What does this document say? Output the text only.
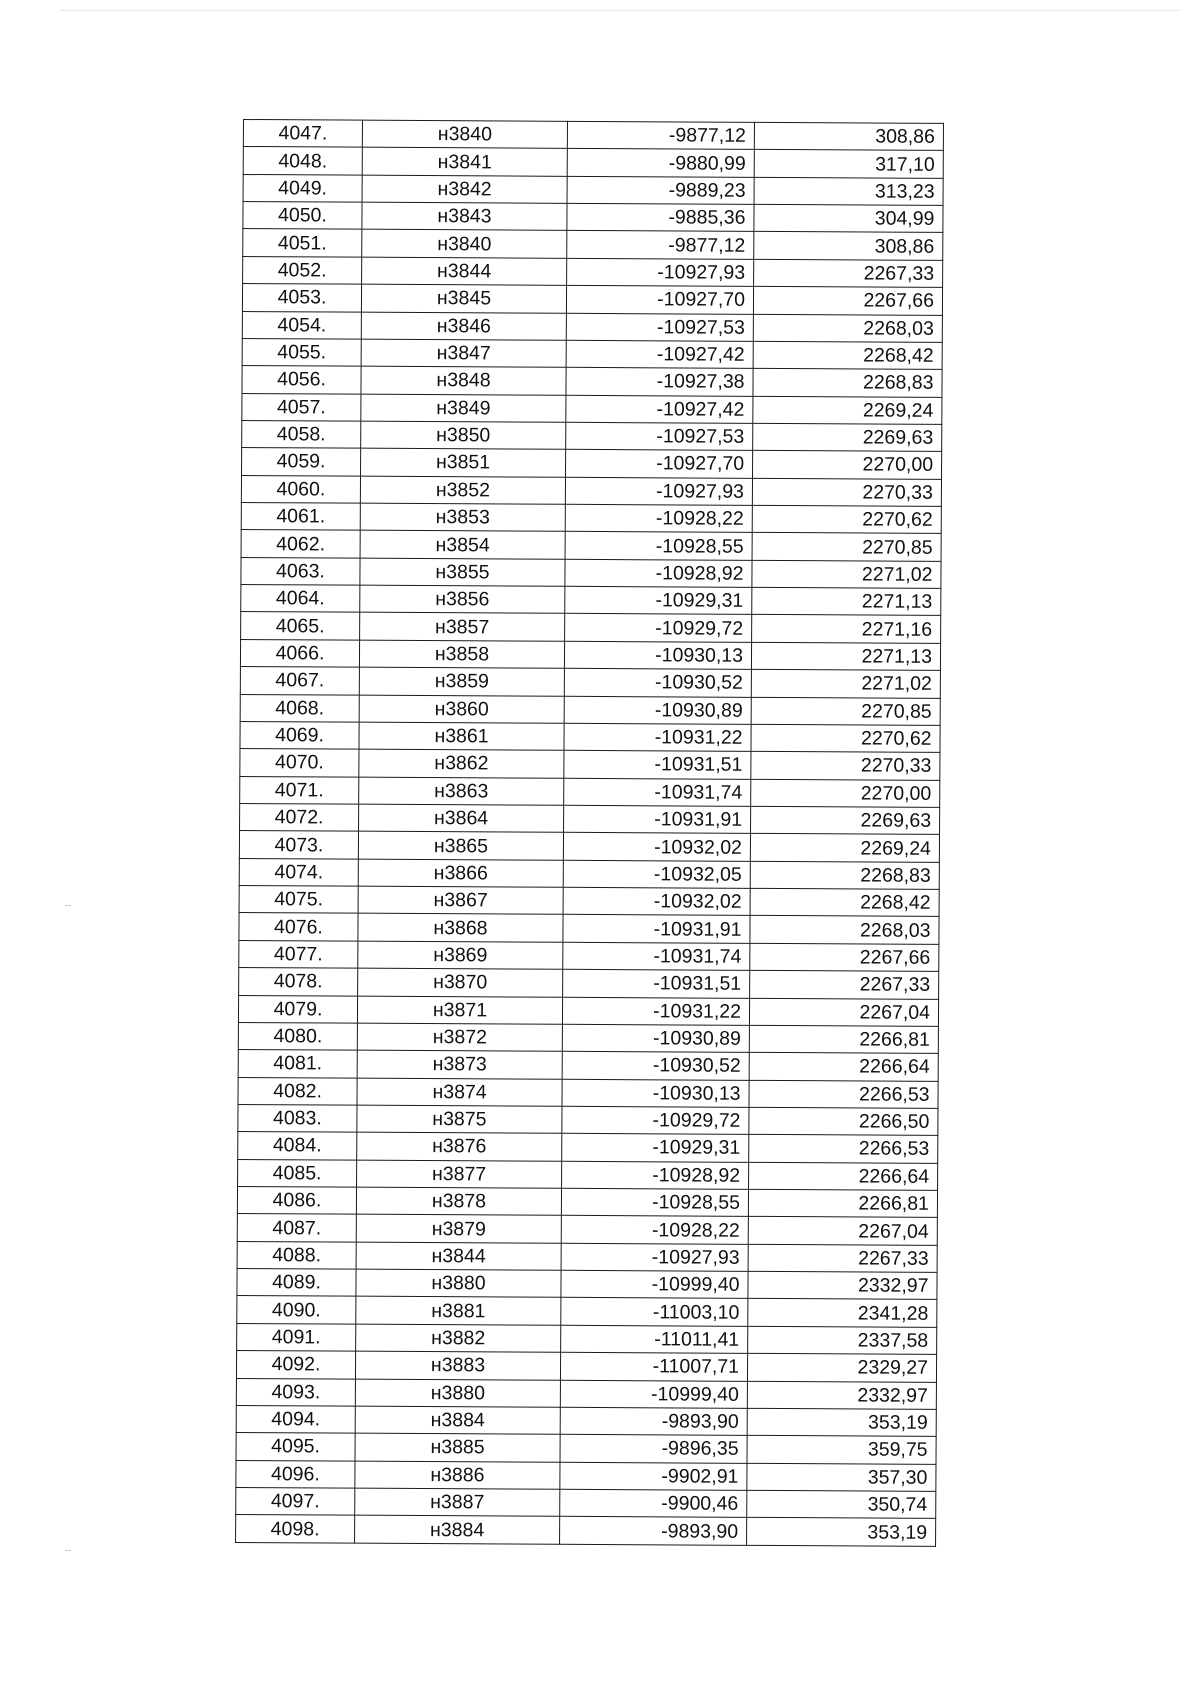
4047.	н3840	-9877,12	308,86
4048.	н3841	-9880,99	317,10
4049.	н3842	-9889,23	313,23
4050.	н3843	-9885,36	304,99
4051.	н3840	-9877,12	308,86
4052.	н3844	-10927,93	2267,33
4053.	н3845	-10927,70	2267,66
4054.	н3846	-10927,53	2268,03
4055.	н3847	-10927,42	2268,42
4056.	н3848	-10927,38	2268,83
4057.	н3849	-10927,42	2269,24
4058.	н3850	-10927,53	2269,63
4059.	н3851	-10927,70	2270,00
4060.	н3852	-10927,93	2270,33
4061.	н3853	-10928,22	2270,62
4062.	н3854	-10928,55	2270,85
4063.	н3855	-10928,92	2271,02
4064.	н3856	-10929,31	2271,13
4065.	н3857	-10929,72	2271,16
4066.	н3858	-10930,13	2271,13
4067.	н3859	-10930,52	2271,02
4068.	н3860	-10930,89	2270,85
4069.	н3861	-10931,22	2270,62
4070.	н3862	-10931,51	2270,33
4071.	н3863	-10931,74	2270,00
4072.	н3864	-10931,91	2269,63
4073.	н3865	-10932,02	2269,24
4074.	н3866	-10932,05	2268,83
4075.	н3867	-10932,02	2268,42
4076.	н3868	-10931,91	2268,03
4077.	н3869	-10931,74	2267,66
4078.	н3870	-10931,51	2267,33
4079.	н3871	-10931,22	2267,04
4080.	н3872	-10930,89	2266,81
4081.	н3873	-10930,52	2266,64
4082.	н3874	-10930,13	2266,53
4083.	н3875	-10929,72	2266,50
4084.	н3876	-10929,31	2266,53
4085.	н3877	-10928,92	2266,64
4086.	н3878	-10928,55	2266,81
4087.	н3879	-10928,22	2267,04
4088.	н3844	-10927,93	2267,33
4089.	н3880	-10999,40	2332,97
4090.	н3881	-11003,10	2341,28
4091.	н3882	-11011,41	2337,58
4092.	н3883	-11007,71	2329,27
4093.	н3880	-10999,40	2332,97
4094.	н3884	-9893,90	353,19
4095.	н3885	-9896,35	359,75
4096.	н3886	-9902,91	357,30
4097.	н3887	-9900,46	350,74
4098.	н3884	-9893,90	353,19
